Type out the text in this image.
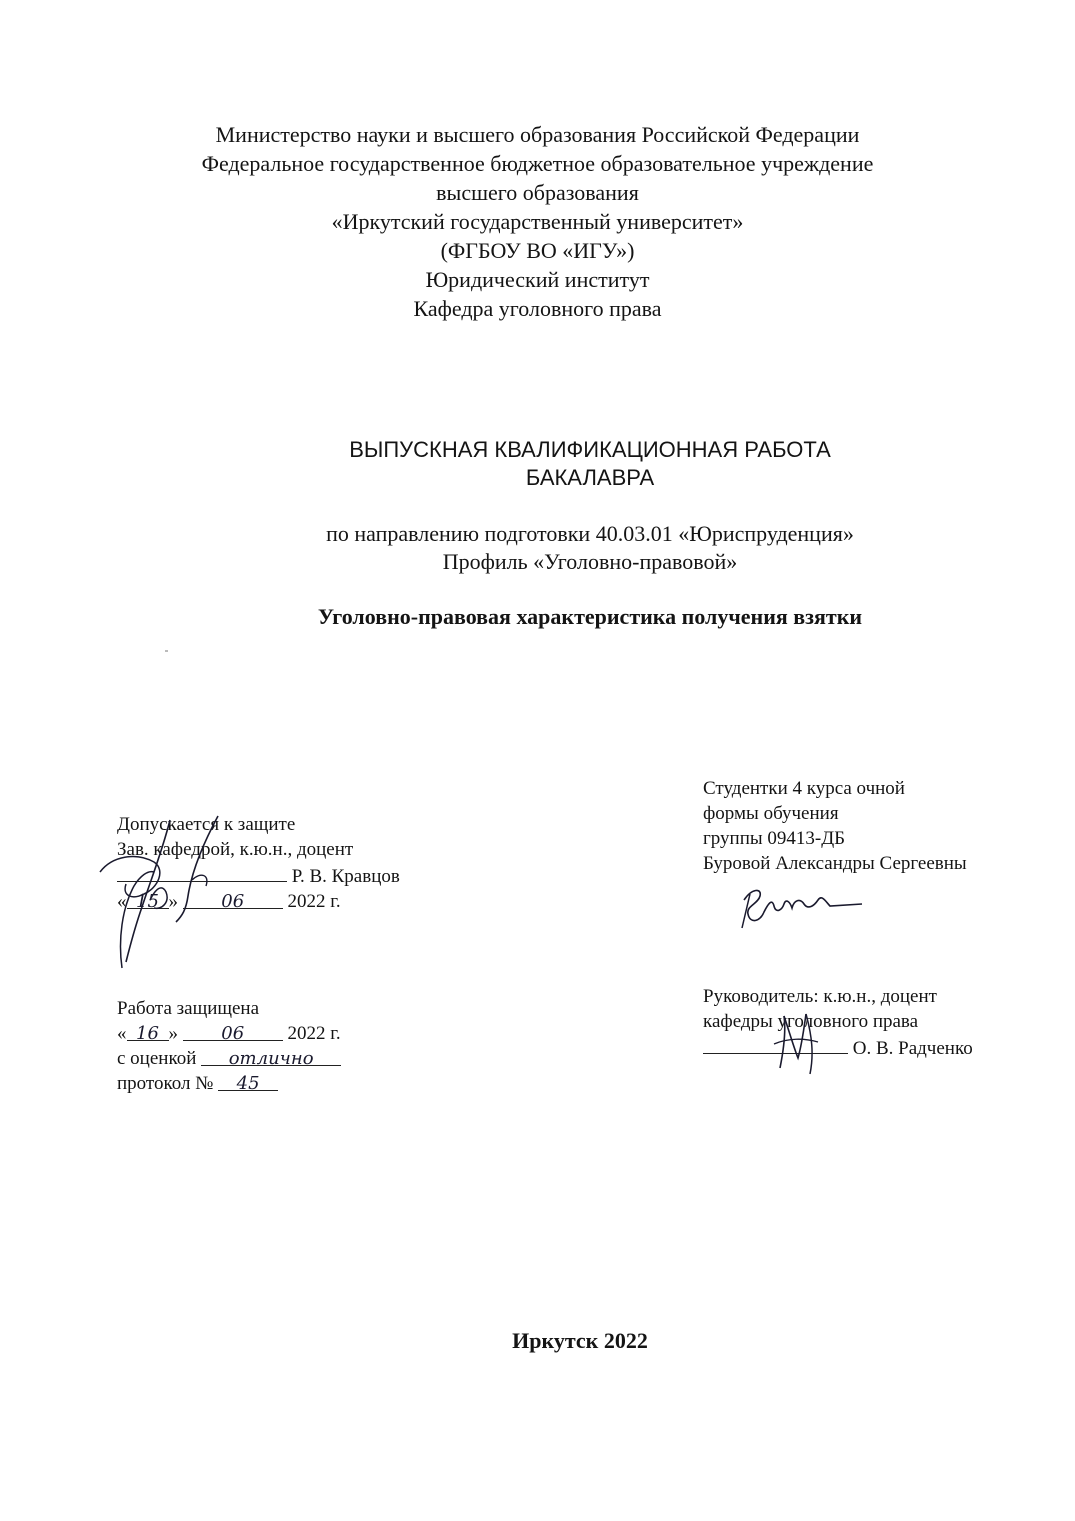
Министерство науки и высшего образования Российской Федерации
Федеральное государственное бюджетное образовательное учреждение
высшего образования
«Иркутский государственный университет»
(ФГБОУ ВО «ИГУ»)
Юридический институт
Кафедра уголовного права
ВЫПУСКНАЯ КВАЛИФИКАЦИОННАЯ РАБОТА
БАКАЛАВРА
по направлению подготовки 40.03.01 «Юриспруденция»
Профиль «Уголовно-правовой»
Уголовно-правовая характеристика получения взятки
Допускается к защите
Зав. кафедрой, к.ю.н., доцент
Р. В. Кравцов
« 15 » 06 2022 г.
Студентки 4 курса очной
формы обучения
группы 09413-ДБ
Буровой Александры Сергеевны
Работа защищена
« 16 » 06 2022 г.
с оценкой отлично
протокол № 45
Руководитель: к.ю.н., доцент
кафедры уголовного права
О. В. Радченко
Иркутск 2022
